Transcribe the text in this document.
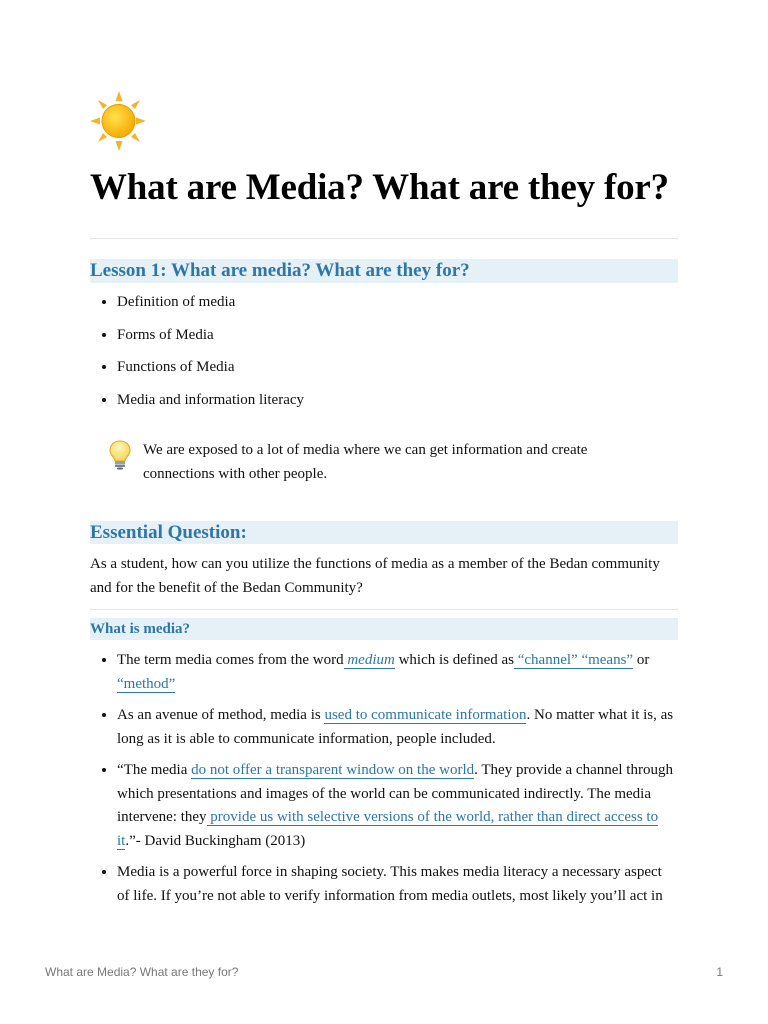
What are Media? What are they for?
Lesson 1: What are media? What are they for?
• Definition of media
• Forms of Media
• Functions of Media
• Media and information literacy
We are exposed to a lot of media where we can get information and create connections with other people.
Essential Question:
As a student, how can you utilize the functions of media as a member of the Bedan community and for the benefit of the Bedan Community?
What is media?
• The term media comes from the word medium which is defined as “channel” “means” or “method”
• As an avenue of method, media is used to communicate information. No matter what it is, as long as it is able to communicate information, people included.
• “The media do not offer a transparent window on the world. They provide a channel through which presentations and images of the world can be communicated indirectly. The media intervene: they provide us with selective versions of the world, rather than direct access to it.”- David Buckingham (2013)
• Media is a powerful force in shaping society. This makes media literacy a necessary aspect of life. If you’re not able to verify information from media outlets, most likely you’ll act in
What are Media? What are they for?	1
